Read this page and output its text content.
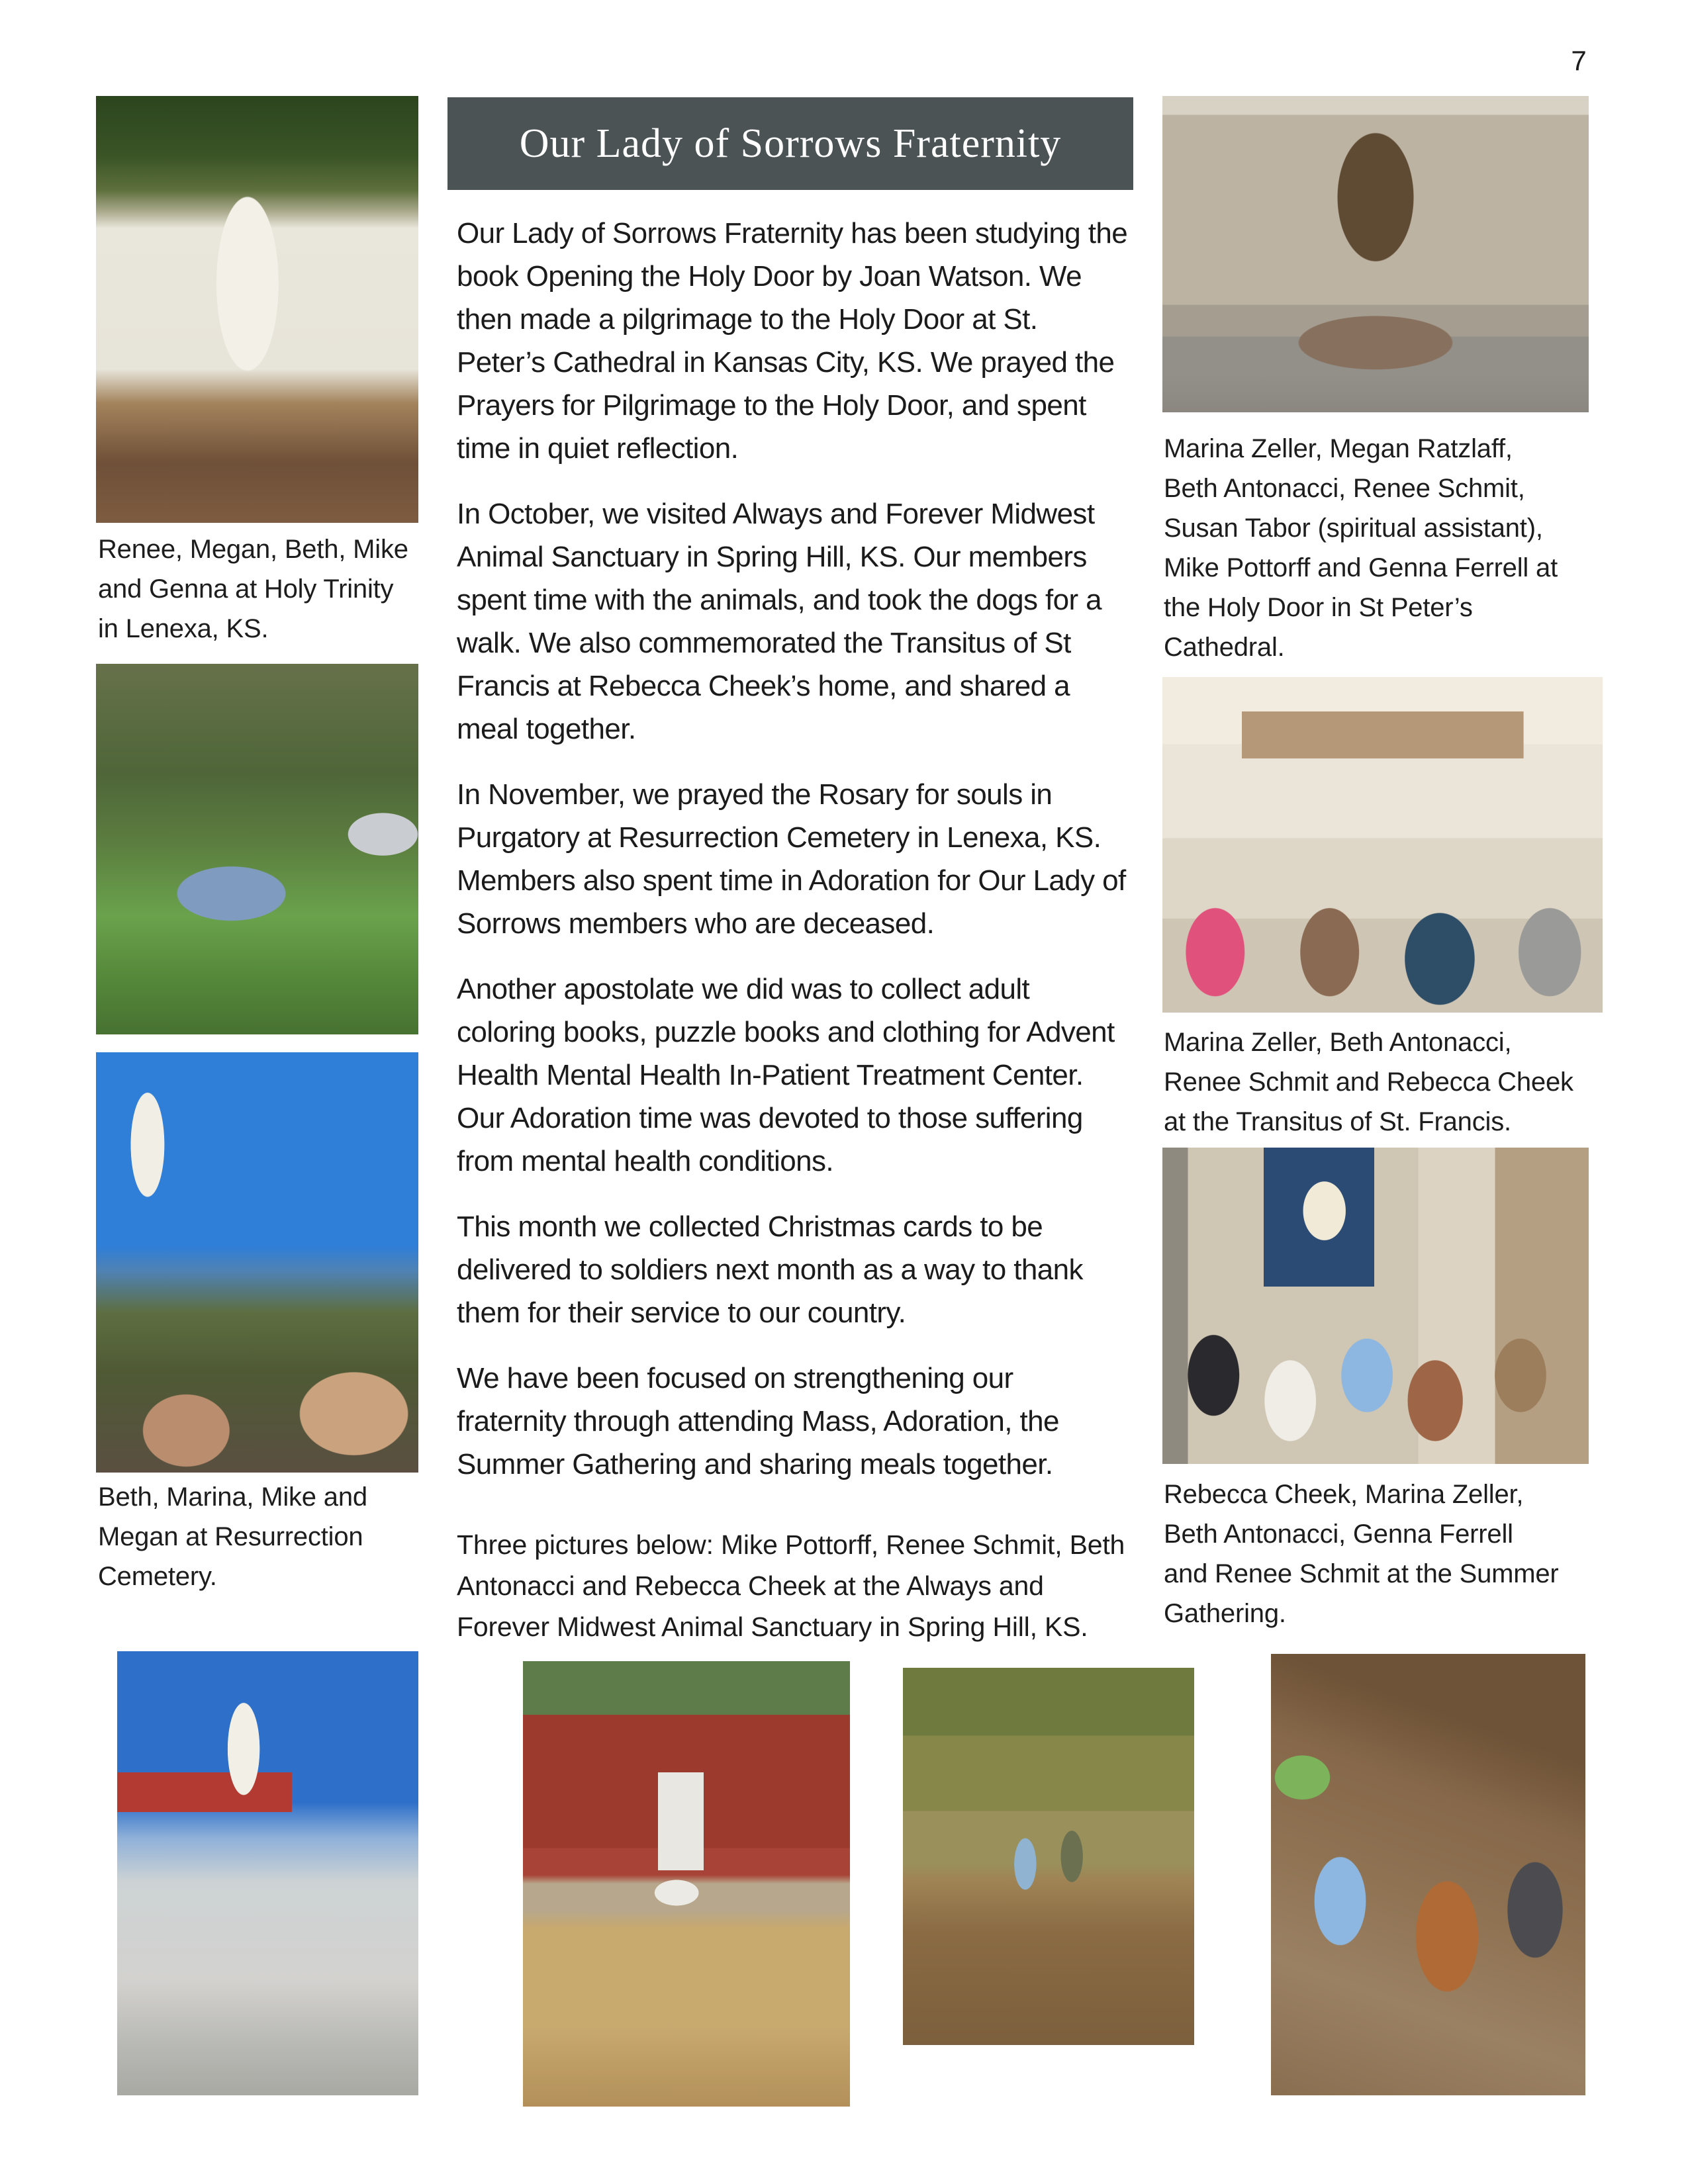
7
Renee, Megan, Beth, Mike and Genna at Holy Trinity in Lenexa, KS.
Beth, Marina, Mike and Megan at Resurrection Cemetery.
Our Lady of Sorrows Fraternity

Our Lady of Sorrows Fraternity has been studying the book Opening the Holy Door by Joan Watson. We then made a pilgrimage to the Holy Door at St. Peter’s Cathedral in Kansas City, KS. We prayed the Prayers for Pilgrimage to the Holy Door, and spent time in quiet reflection.

In October, we visited Always and Forever Midwest Animal Sanctuary in Spring Hill, KS. Our members spent time with the animals, and took the dogs for a walk. We also commemorated the Transitus of St Francis at Rebecca Cheek’s home, and shared a meal together.

In November, we prayed the Rosary for souls in Purgatory at Resurrection Cemetery in Lenexa, KS. Members also spent time in Adoration for Our Lady of Sorrows members who are deceased.

Another apostolate we did was to collect adult coloring books, puzzle books and clothing for Advent Health Mental Health In-Patient Treatment Center. Our Adoration time was devoted to those suffering from mental health conditions.

This month we collected Christmas cards to be delivered to soldiers next month as a way to thank them for their service to our country.

We have been focused on strengthening our fraternity through attending Mass, Adoration, the Summer Gathering and sharing meals together.

Three pictures below: Mike Pottorff, Renee Schmit, Beth Antonacci and Rebecca Cheek at the Always and Forever Midwest Animal Sanctuary in Spring Hill, KS.

Marina Zeller, Megan Ratzlaff, Beth Antonacci, Renee Schmit, Susan Tabor (spiritual assistant), Mike Pottorff and Genna Ferrell at the Holy Door in St Peter’s Cathedral.
Marina Zeller, Beth Antonacci, Renee Schmit and Rebecca Cheek at the Transitus of St. Francis.
Rebecca Cheek, Marina Zeller, Beth Antonacci, Genna Ferrell and Renee Schmit at the Summer Gathering.
